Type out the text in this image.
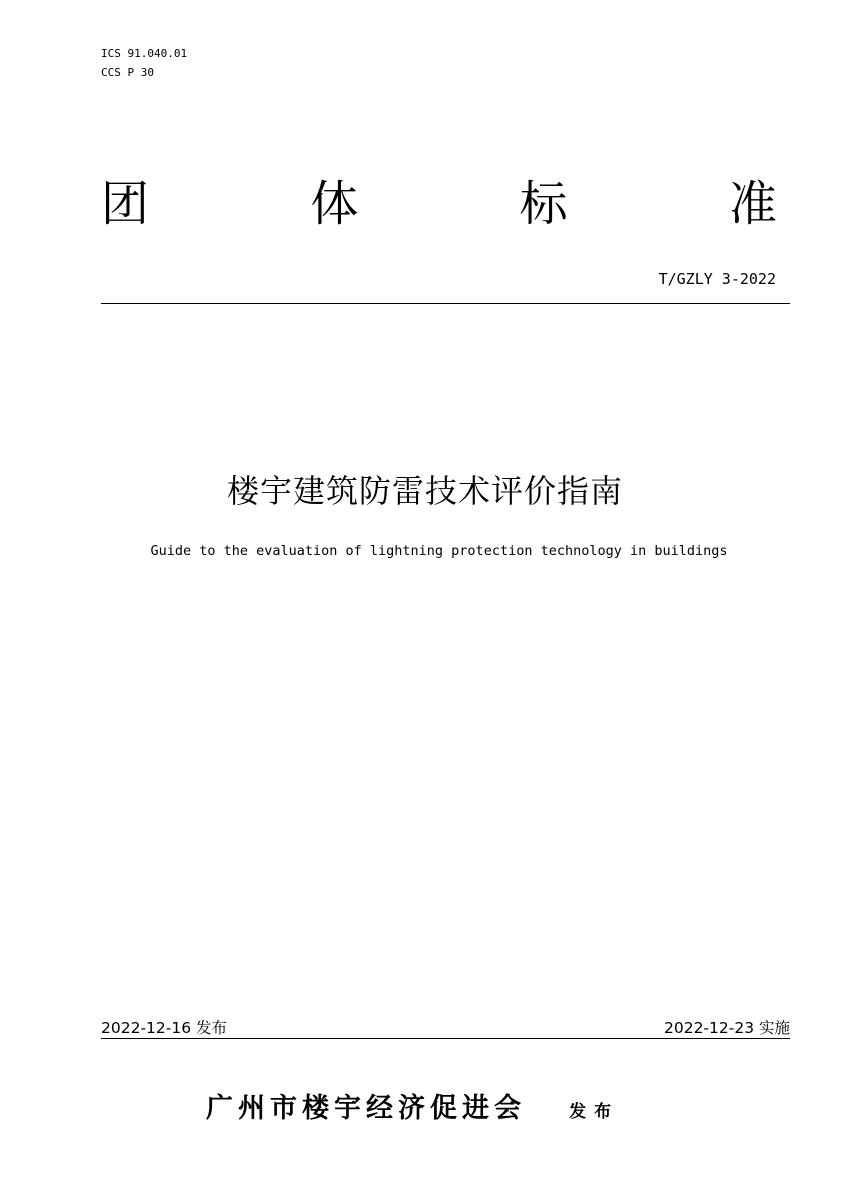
ICS 91.040.01
CCS P 30
团	体	标	准
T/GZLY 3-2022
楼宇建筑防雷技术评价指南
Guide to the evaluation of lightning protection technology in buildings
2022-12-16 发布	2022-12-23 实施
广州市楼宇经济促进会	发布
